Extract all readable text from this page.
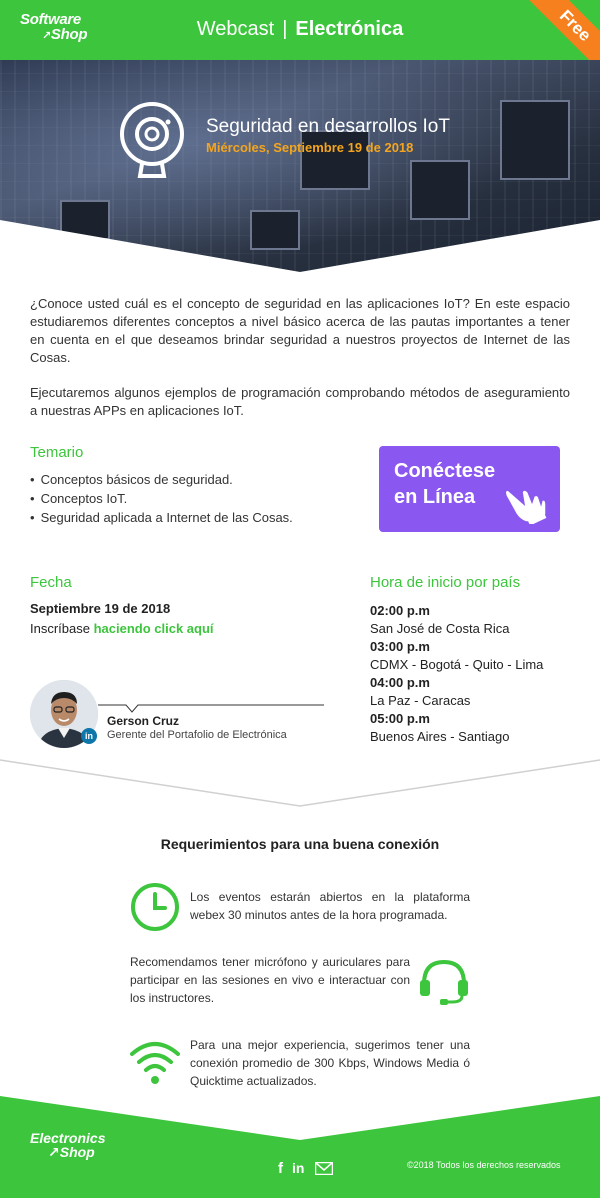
Software
↗Shop	Webcast | Electrónica	Free
Seguridad en desarrollos IoT
Miércoles, Septiembre 19 de 2018

¿Conoce usted cuál es el concepto de seguridad en las aplicaciones IoT? En este espacio estudiaremos diferentes conceptos a nivel básico acerca de las pautas importantes a tener en cuenta en el que deseamos brindar seguridad a nuestros proyectos de Internet de las Cosas.

Ejecutaremos algunos ejemplos de programación comprobando métodos de aseguramiento a nuestras APPs en aplicaciones IoT.

Temario
• Conceptos básicos de seguridad.
• Conceptos IoT.
• Seguridad aplicada a Internet de las Cosas.
Conéctese
en Línea
Fecha
Septiembre 19 de 2018
Inscríbase haciendo click aquí
Hora de inicio por país
02:00 p.m
San José de Costa Rica
03:00 p.m
CDMX - Bogotá - Quito - Lima
04:00 p.m
La Paz - Caracas
05:00 p.m
Buenos Aires - Santiago
in
Gerson Cruz
Gerente del Portafolio de Electrónica
Requerimientos para una buena conexión

Los eventos estarán abiertos en la plataforma webex 30 minutos antes de la hora programada.

Recomendamos tener micrófono y auriculares para participar en las sesiones en vivo e interactuar con los instructores.

Para una mejor experiencia, sugerimos tener una conexión promedio de 300 Kbps, Windows Media ó Quicktime actualizados.

Electronics
↗Shop
f in	©2018 Todos los derechos reservados
